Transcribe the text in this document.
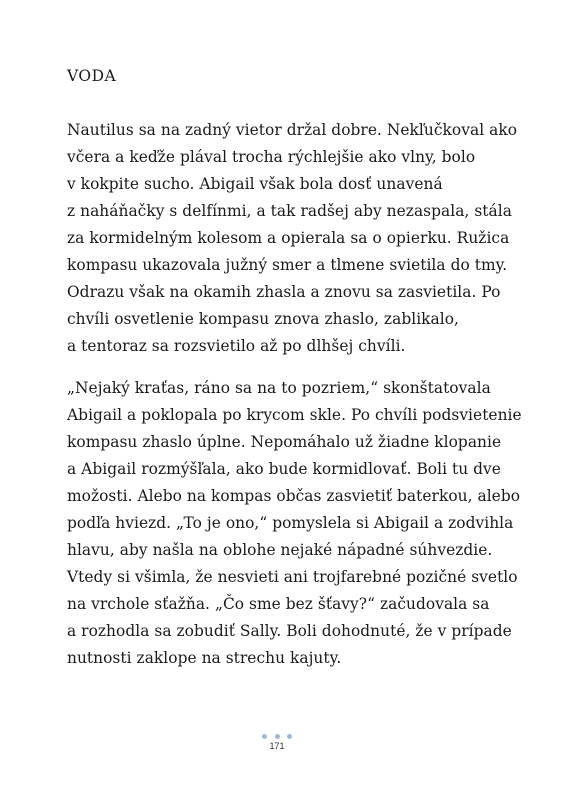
VODA
Nautilus sa na zadný vietor držal dobre. Nekľučkoval ako
včera a keďže plával trocha rýchlejšie ako vlny, bolo
v kokpite sucho. Abigail však bola dosť unavená
z naháňačky s delfínmi, a tak radšej aby nezaspala, stála
za kormidelným kolesom a opierala sa o opierku. Ružica
kompasu ukazovala južný smer a tlmene svietila do tmy.
Odrazu však na okamih zhasla a znovu sa zasvietila. Po
chvíli osvetlenie kompasu znova zhaslo, zablikalo,
a tentoraz sa rozsvietilo až po dlhšej chvíli.
„Nejaký kraťas, ráno sa na to pozriem,“ skonštatovala
Abigail a poklopala po krycom skle. Po chvíli podsvietenie
kompasu zhaslo úplne. Nepomáhalo už žiadne klopanie
a Abigail rozmýšľala, ako bude kormidlovať. Boli tu dve
možosti. Alebo na kompas občas zasvietiť baterkou, alebo
podľa hviezd. „To je ono,“ pomyslela si Abigail a zodvihla
hlavu, aby našla na oblohe nejaké nápadné súhvezdie.
Vtedy si všimla, že nesvieti ani trojfarebné pozičné svetlo
na vrchole sťažňa. „Čo sme bez šťavy?“ začudovala sa
a rozhodla sa zobudiť Sally. Boli dohodnuté, že v prípade
nutnosti zaklope na strechu kajuty.
171
